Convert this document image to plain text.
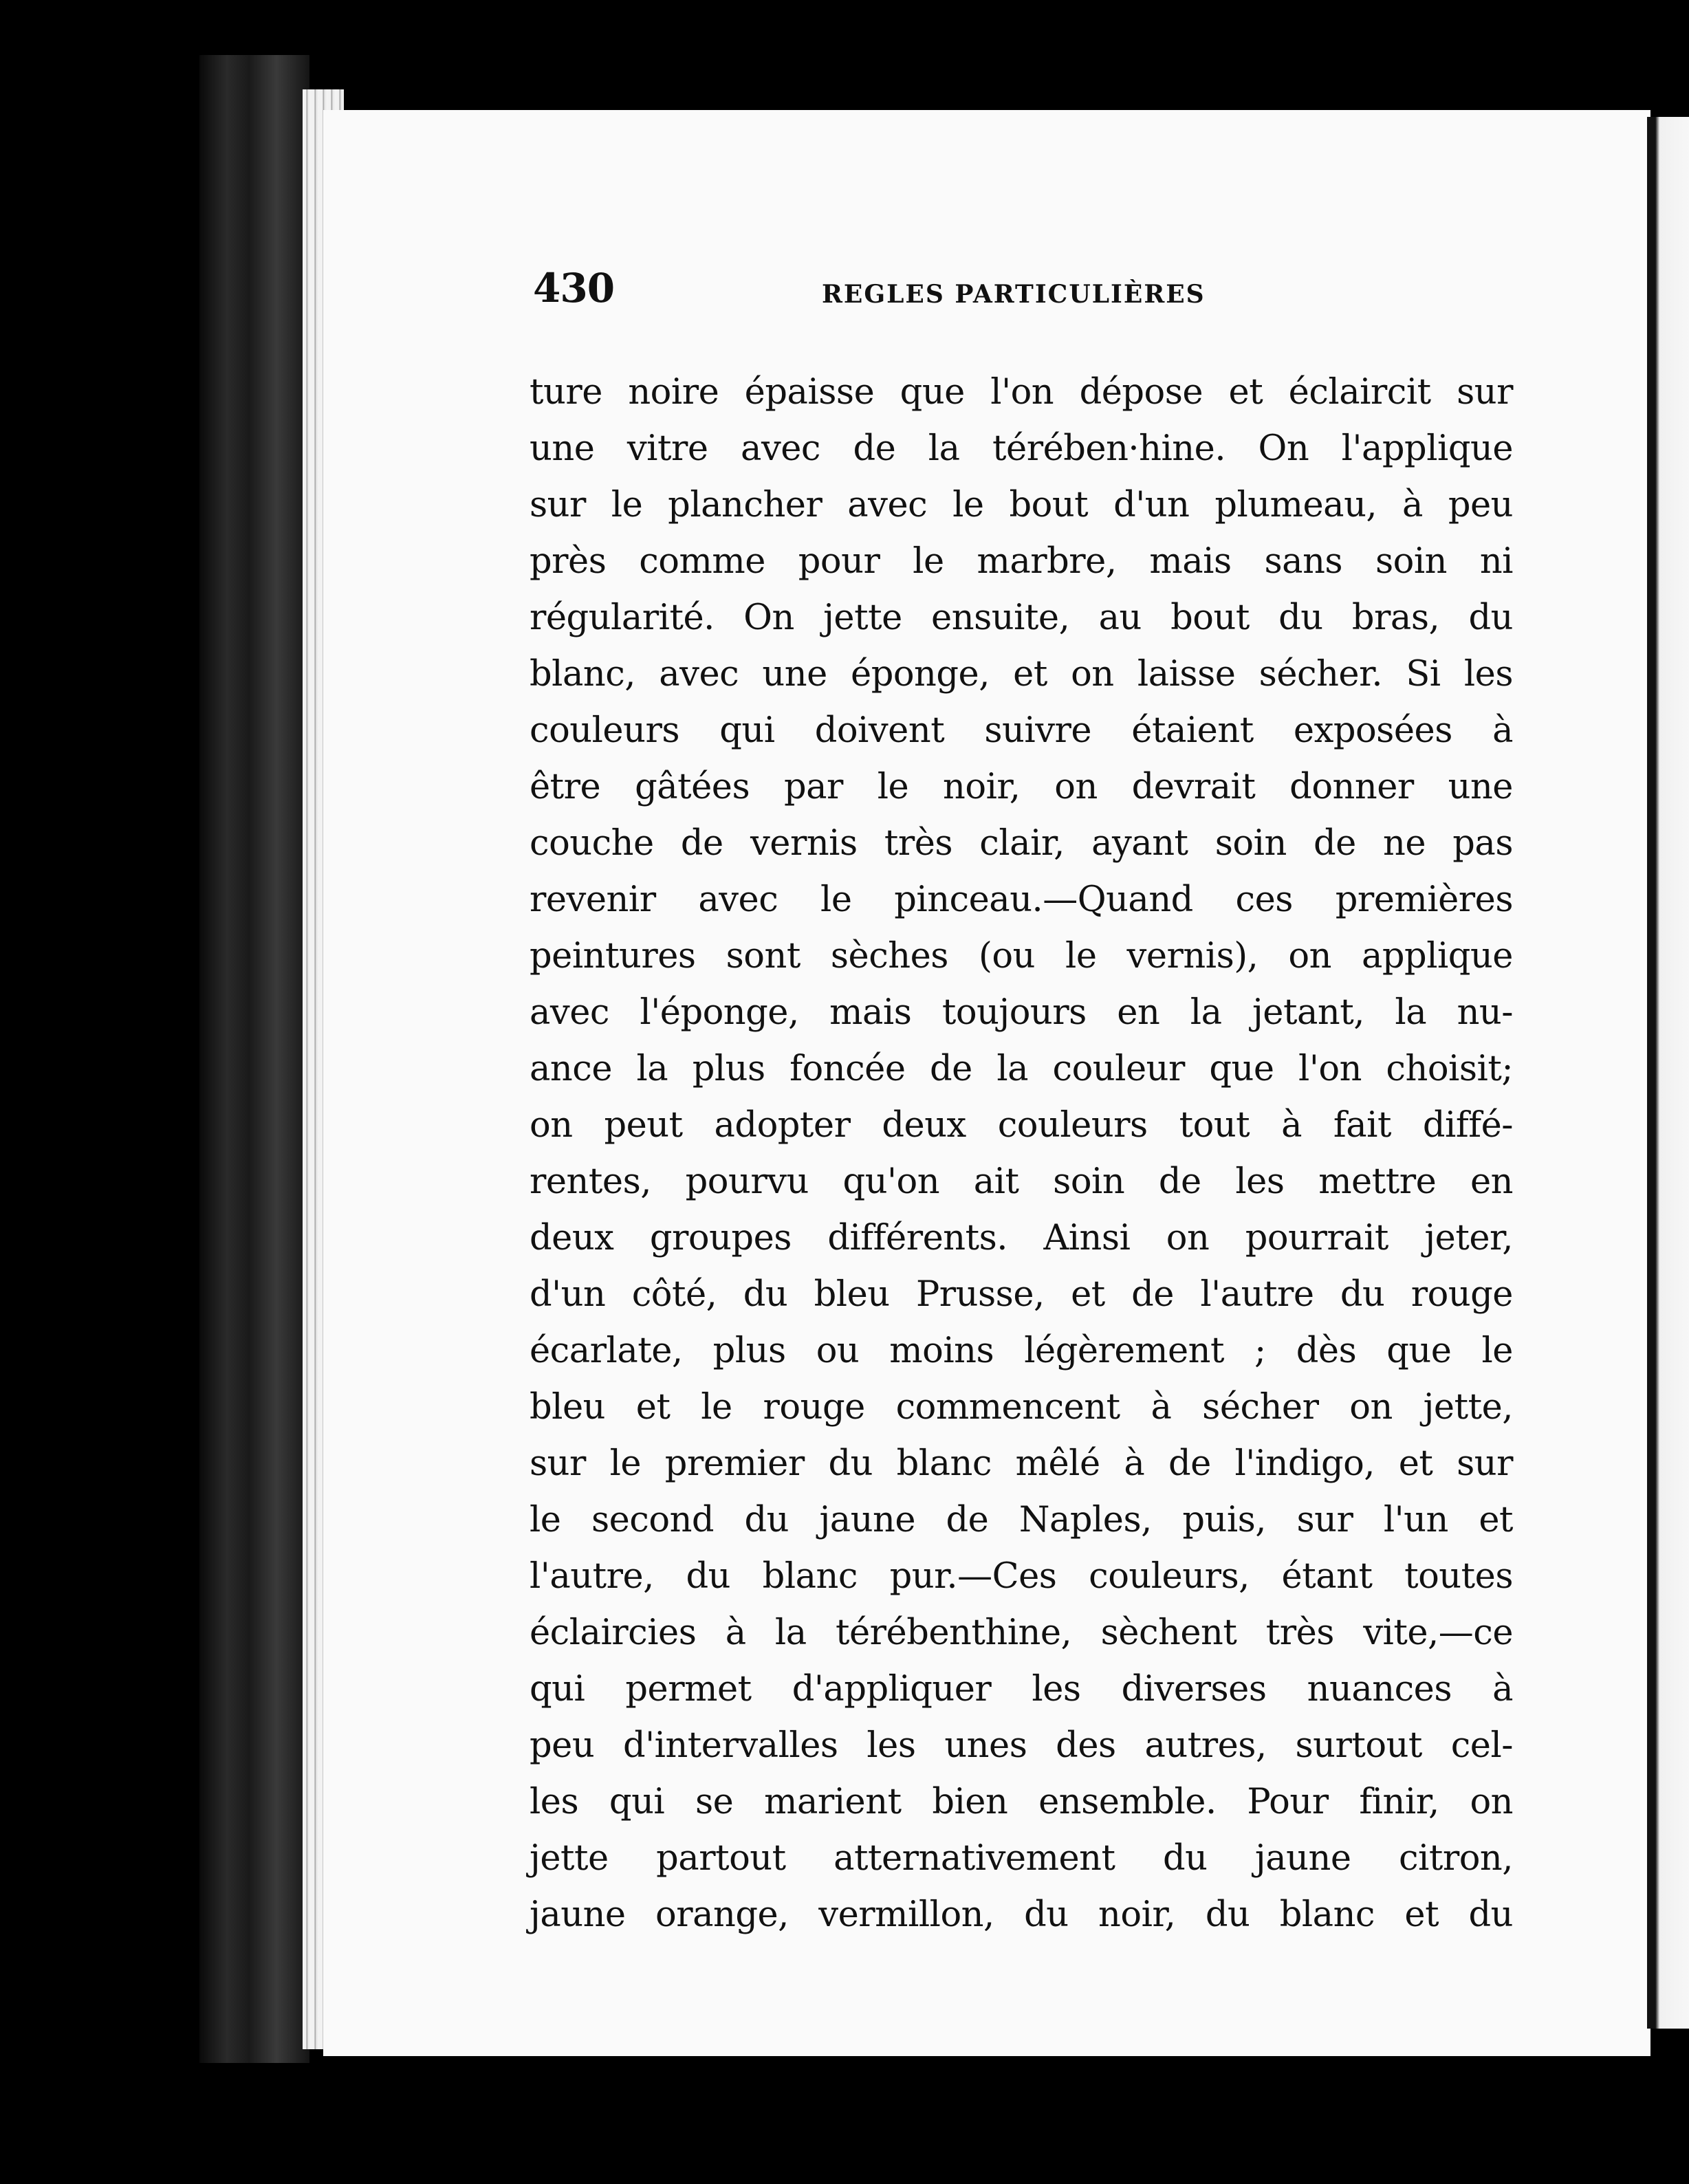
430	REGLES PARTICULIÈRES
ture noire épaisse que l'on dépose et éclaircit sur
une vitre avec de la térében·hine. On l'applique
sur le plancher avec le bout d'un plumeau, à peu
près comme pour le marbre, mais sans soin ni
régularité. On jette ensuite, au bout du bras, du
blanc, avec une éponge, et on laisse sécher. Si les
couleurs qui doivent suivre étaient exposées à
être gâtées par le noir, on devrait donner une
couche de vernis très clair, ayant soin de ne pas
revenir avec le pinceau.—Quand ces premières
peintures sont sèches (ou le vernis), on applique
avec l'éponge, mais toujours en la jetant, la nu-
ance la plus foncée de la couleur que l'on choisit;
on peut adopter deux couleurs tout à fait diffé-
rentes, pourvu qu'on ait soin de les mettre en
deux groupes différents. Ainsi on pourrait jeter,
d'un côté, du bleu Prusse, et de l'autre du rouge
écarlate, plus ou moins légèrement ; dès que le
bleu et le rouge commencent à sécher on jette,
sur le premier du blanc mêlé à de l'indigo, et sur
le second du jaune de Naples, puis, sur l'un et
l'autre, du blanc pur.—Ces couleurs, étant toutes
éclaircies à la térébenthine, sèchent très vite,—ce
qui permet d'appliquer les diverses nuances à
peu d'intervalles les unes des autres, surtout cel-
les qui se marient bien ensemble. Pour finir, on
jette partout atternativement du jaune citron,
jaune orange, vermillon, du noir, du blanc et du
